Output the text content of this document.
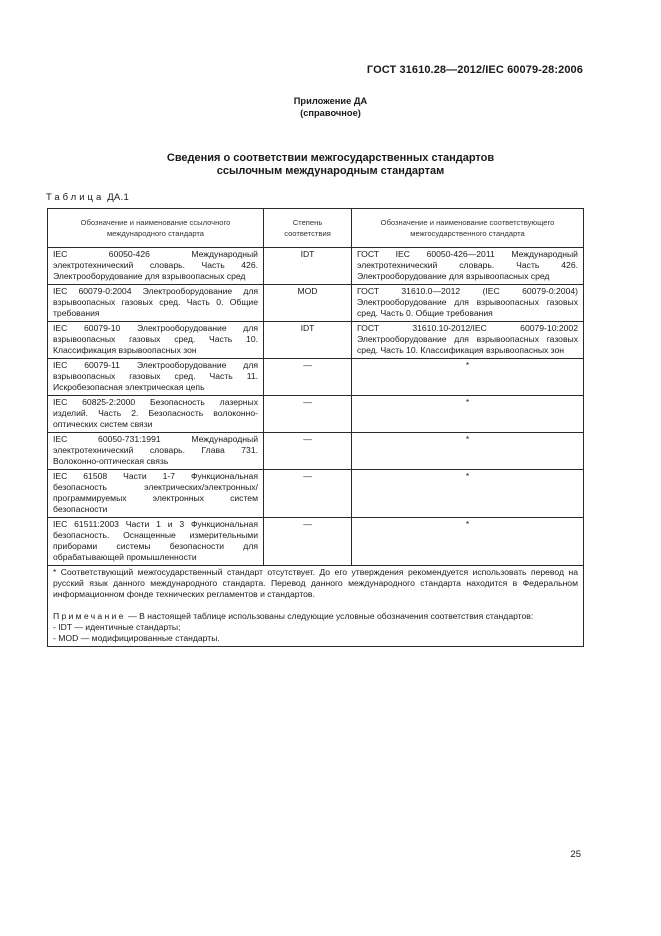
ГОСТ 31610.28—2012/IEC 60079-28:2006
Приложение ДА
(справочное)
Сведения о соответствии межгосударственных стандартов
ссылочным международным стандартам
Таблица ДА.1
Обозначение и наименование ссылочного международного стандарта	Степень соответствия	Обозначение и наименование соответствующего межгосударственного стандарта
IEC 60050-426 Международный электротехнический словарь. Часть 426. Электрооборудование для взрывоопасных сред	IDT	ГОСТ IEC 60050-426—2011 Международный электротехнический словарь. Часть 426. Электрооборудование для взрывоопасных сред
IEC 60079-0:2004 Электрооборудование для взрывоопасных газовых сред. Часть 0. Общие требования	MOD	ГОСТ 31610.0—2012 (IEC 60079-0:2004) Электрооборудование для взрывоопасных газовых сред. Часть 0. Общие требования
IEC 60079-10 Электрооборудование для взрывоопасных газовых сред. Часть 10. Классификация взрывоопасных зон	IDT	ГОСТ 31610.10-2012/IEC 60079-10:2002 Электрооборудование для взрывоопасных газовых сред. Часть 10. Классификация взрывоопасных зон
IEC 60079-11 Электрооборудование для взрывоопасных газовых сред. Часть 11. Искробезопасная электрическая цепь	—	*
IEC 60825-2:2000 Безопасность лазерных изделий. Часть 2. Безопасность волоконно-оптических систем связи	—	*
IEC 60050-731:1991 Международный электротехнический словарь. Глава 731. Волоконно-оптическая связь	—	*
IEC 61508 Части 1-7 Функциональная безопасность электрических/электронных/программируемых электронных систем безопасности	—	*
IEC 61511:2003 Части 1 и 3 Функциональная безопасность. Оснащенные измерительными приборами системы безопасности для обрабатывающей промышленности	—	*

* Соответствующий межгосударственный стандарт отсутствует. До его утверждения рекомендуется использовать перевод на русский язык данного международного стандарта. Перевод данного международного стандарта находится в Федеральном информационном фонде технических регламентов и стандартов.

Примечание — В настоящей таблице использованы следующие условные обозначения соответствия стандартов:

- IDT — идентичные стандарты;

- MOD — модифицированные стандарты.		

25
